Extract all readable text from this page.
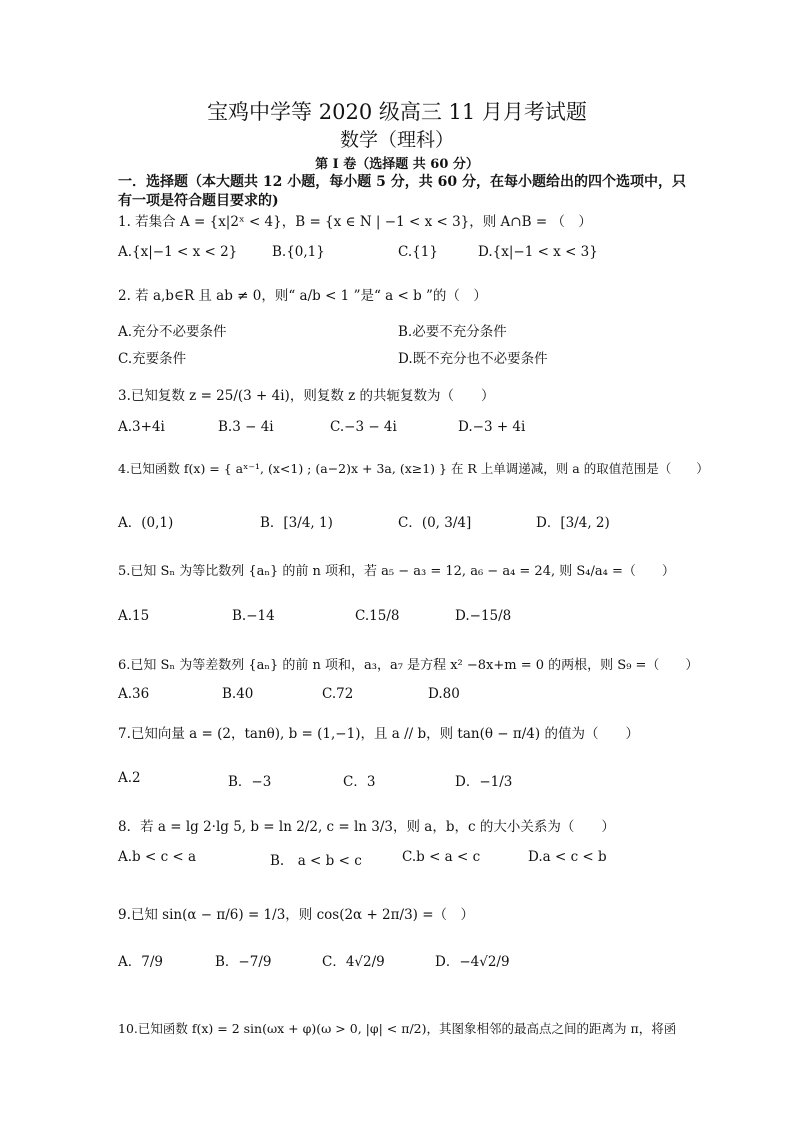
宝鸡中学等 2020 级高三 11 月月考试题
数学（理科）
第 I 卷（选择题 共 60 分）
一．选择题（本大题共 12 小题，每小题 5 分，共 60 分，在每小题给出的四个选项中，只
有一项是符合题目要求的)
1. 若集合 A = {x|2ˣ < 4}，B = {x ∈ N | −1 < x < 3}，则 A∩B = （　）
A.{x|−1 < x < 2}	B.{0,1}	C.{1}	D.{x|−1 < x < 3}
2. 若 a,b∈R 且 ab ≠ 0，则“ a/b < 1 ”是“ a < b ”的（　）
A.充分不必要条件	B.必要不充分条件
C.充要条件	D.既不充分也不必要条件
3.已知复数 z = 25/(3 + 4i)，则复数 z 的共轭复数为（　　）
A.3+4i	B.3 − 4i	C.−3 − 4i	D.−3 + 4i
4.已知函数 f(x) = { aˣ⁻¹, (x<1) ; (a−2)x + 3a, (x≥1) } 在 R 上单调递减，则 a 的取值范围是（　　）
A．(0,1)	B．[3/4, 1)	C．(0, 3/4]	D．[3/4, 2)
5.已知 Sₙ 为等比数列 {aₙ} 的前 n 项和，若 a₅ − a₃ = 12, a₆ − a₄ = 24, 则 S₄/a₄ =（　　）
A.15	B.−14	C.15/8	D.−15/8
6.已知 Sₙ 为等差数列 {aₙ} 的前 n 项和，a₃，a₇ 是方程 x² −8x+m = 0 的两根，则 S₉ =（　　）
A.36	B.40	C.72	D.80
7.已知向量 a = (2，tanθ), b = (1,−1)，且 a // b，则 tan(θ − π/4) 的值为（　　）
A.2	B．−3	C．3	D．−1/3
8．若 a = lg 2·lg 5, b = ln 2/2, c = ln 3/3，则 a，b，c 的大小关系为（　　）
A.b < c < a	B.　a < b < c	C.b < a < c	D.a < c < b
9.已知 sin(α − π/6) = 1/3，则 cos(2α + 2π/3) =（　）
A．7/9	B．−7/9	C．4√2/9	D．−4√2/9
10.已知函数 f(x) = 2 sin(ωx + φ)(ω > 0, |φ| < π/2)，其图象相邻的最高点之间的距离为 π，将函
